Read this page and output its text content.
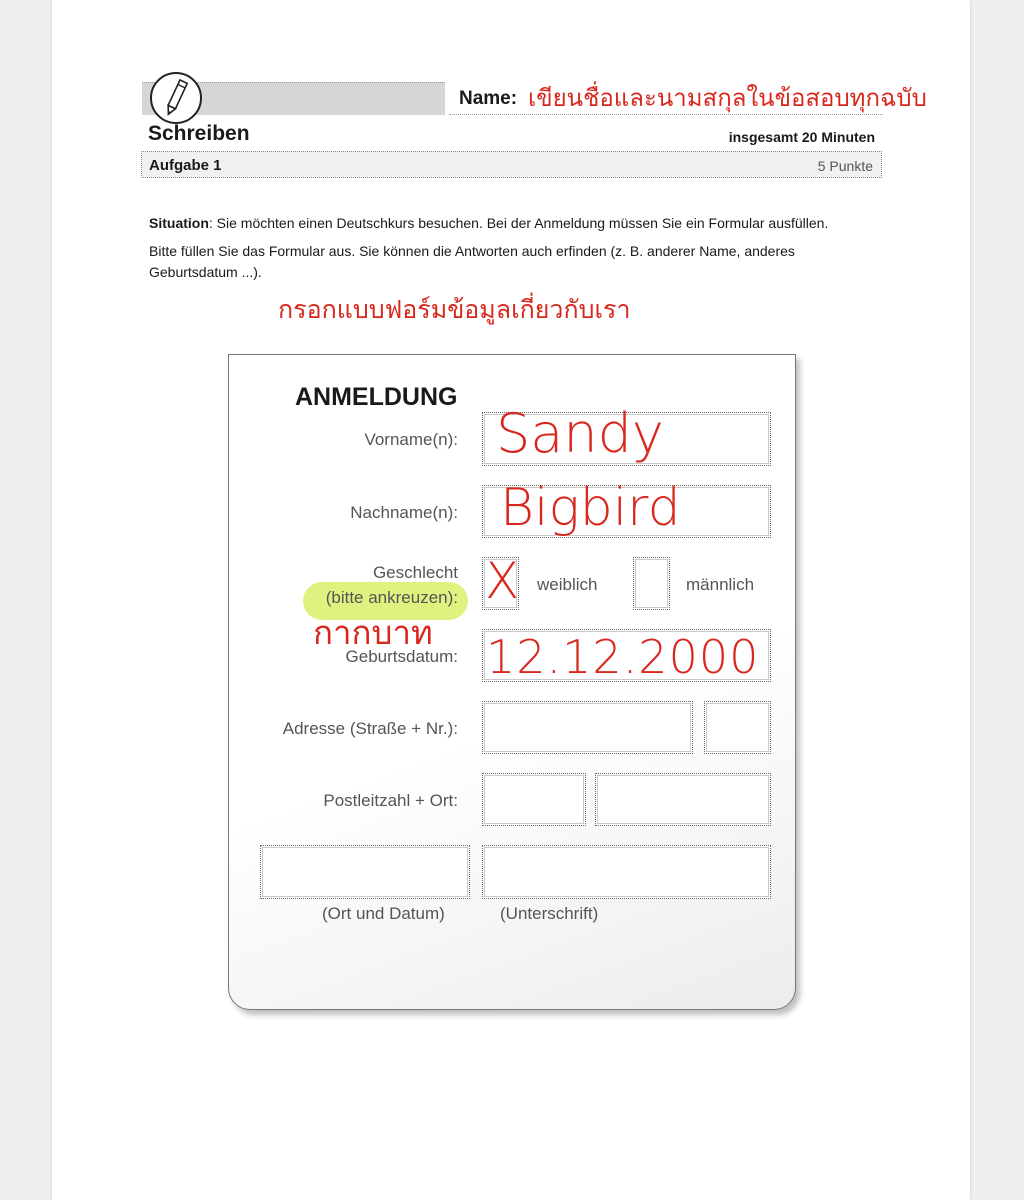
Name: เขียนชื่อและนามสกุลในข้อสอบทุกฉบับ
Schreiben	insgesamt 20 Minuten
Aufgabe 1	5 Punkte
Situation: Sie möchten einen Deutschkurs besuchen. Bei der Anmeldung müssen Sie ein Formular ausfüllen.
Bitte füllen Sie das Formular aus. Sie können die Antworten auch erfinden (z. B. anderer Name, anderes Geburtsdatum ...).
กรอกแบบฟอร์มข้อมูลเกี่ยวกับเรา
ANMELDUNG
Vorname(n): Sandy
Nachname(n): Bigbird
Geschlecht
(bitte ankreuzen):
กากบาท
X weiblich	männlich
Geburtsdatum: 12.12.2000
Adresse (Straße + Nr.):
Postleitzahl + Ort:
(Ort und Datum)	(Unterschrift)
